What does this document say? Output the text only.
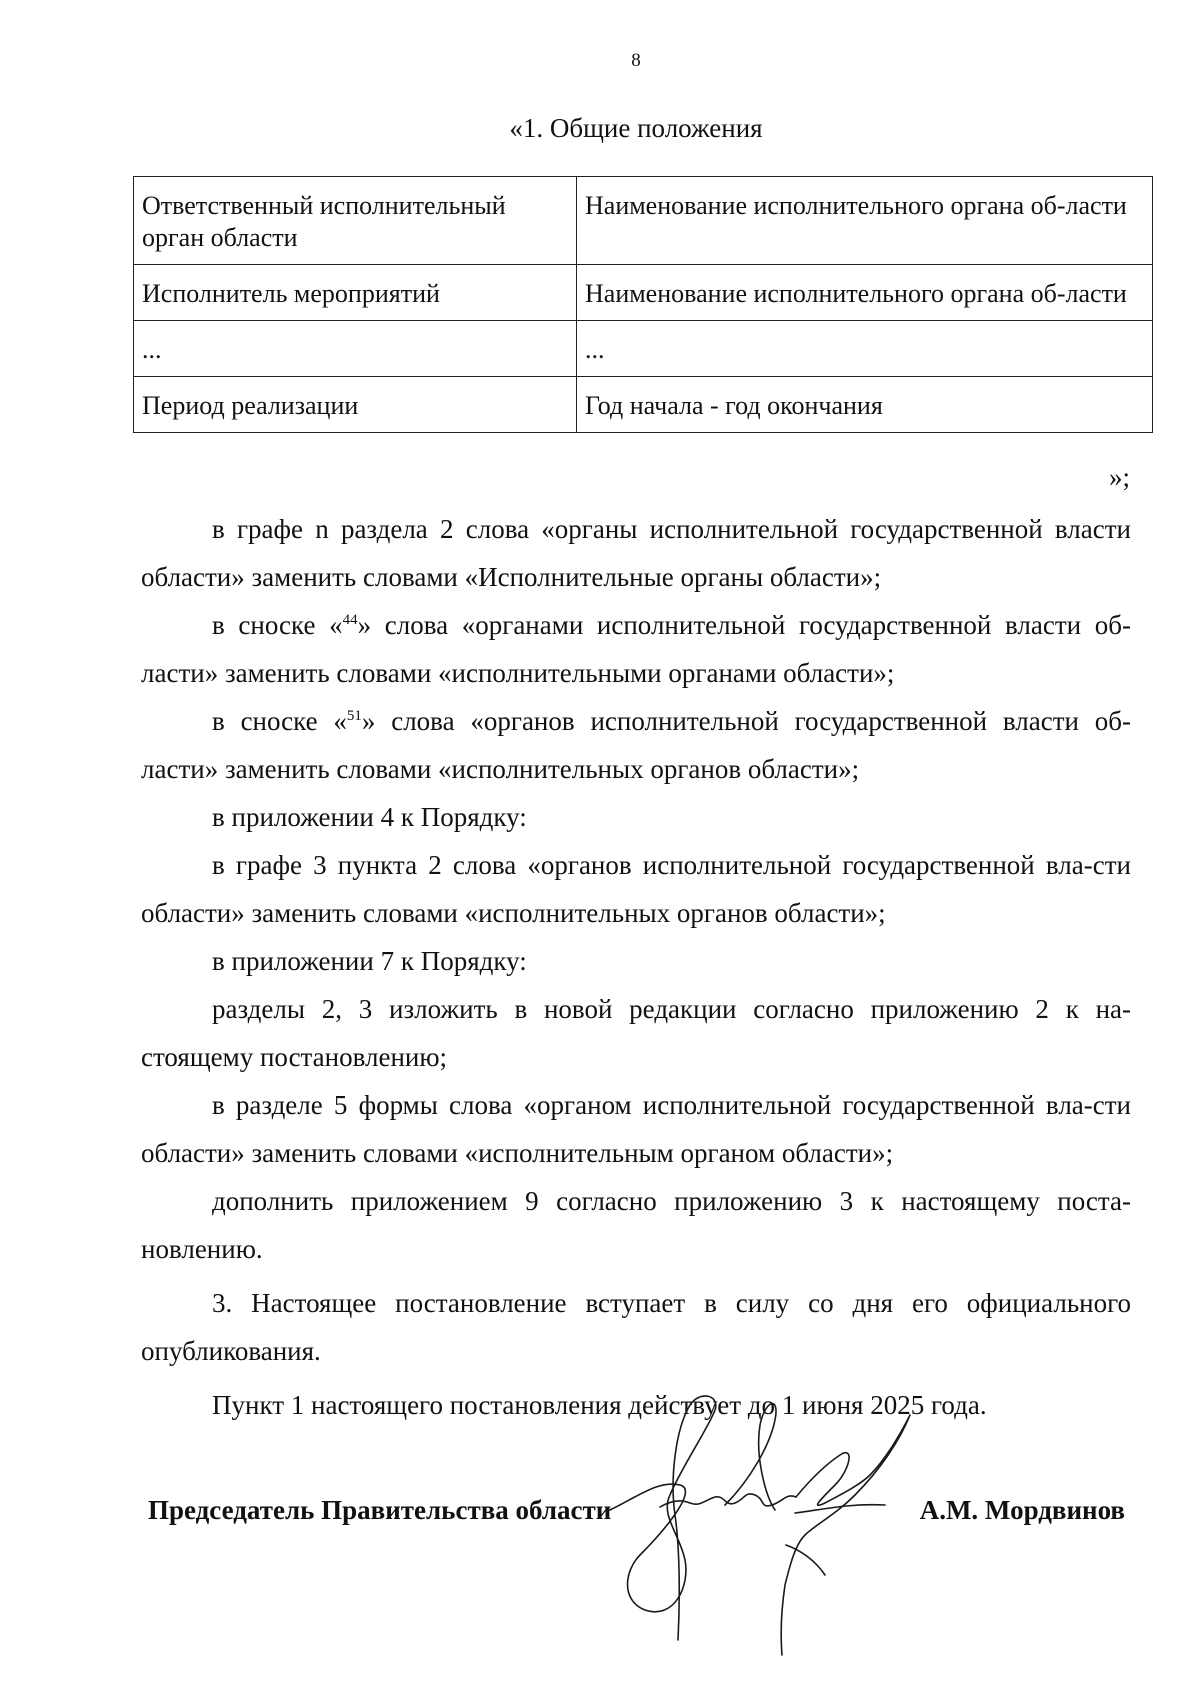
8
«1. Общие положения
Ответственный исполнительный орган области	Наименование исполнительного органа об-ласти
Исполнитель мероприятий	Наименование исполнительного органа об-ласти
...	...
Период реализации	Год начала - год окончания
»;

в графе n раздела 2 слова «органы исполнительной государственной власти области» заменить словами «Исполнительные органы области»;

в сноске «$^{44}$» слова «органами исполнительной государственной власти об-ласти» заменить словами «исполнительными органами области»;

в сноске «$^{51}$» слова «органов исполнительной государственной власти об-ласти» заменить словами «исполнительных органов области»;

в приложении 4 к Порядку:

в графе 3 пункта 2 слова «органов исполнительной государственной вла-сти области» заменить словами «исполнительных органов области»;

в приложении 7 к Порядку:

разделы 2, 3 изложить в новой редакции согласно приложению 2 к на-стоящему постановлению;

в разделе 5 формы слова «органом исполнительной государственной вла-сти области» заменить словами «исполнительным органом области»;

дополнить приложением 9 согласно приложению 3 к настоящему поста-новлению.

3. Настоящее постановление вступает в силу со дня его официального опубликования.

Пункт 1 настоящего постановления действует до 1 июня 2025 года.

Председатель Правительства области	А.М. Мордвинов
